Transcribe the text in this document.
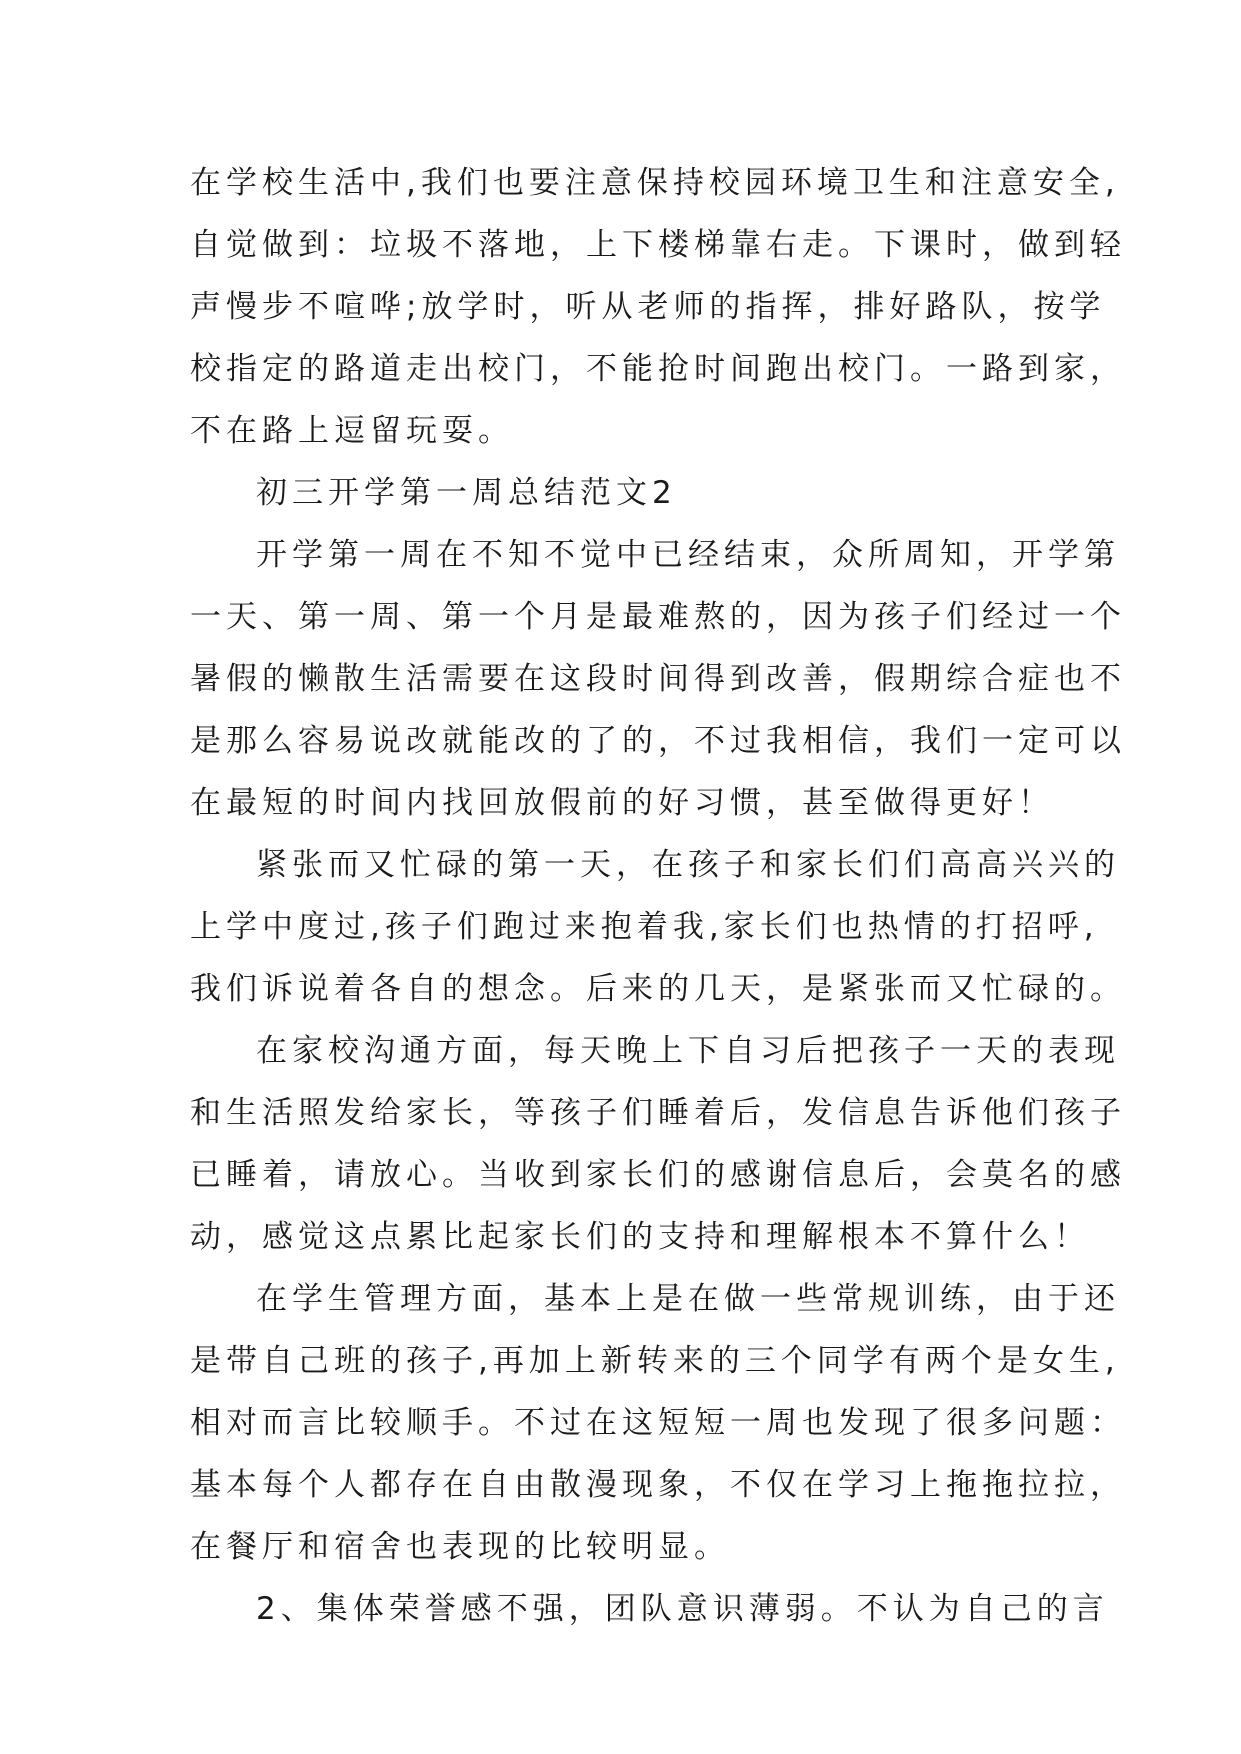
在学校生活中,我们也要注意保持校园环境卫生和注意安全,
自觉做到：垃圾不落地，上下楼梯靠右走。下课时，做到轻
声慢步不喧哗;放学时，听从老师的指挥，排好路队，按学
校指定的路道走出校门，不能抢时间跑出校门。一路到家，
不在路上逗留玩耍。
初三开学第一周总结范文2
开学第一周在不知不觉中已经结束，众所周知，开学第
一天、第一周、第一个月是最难熬的，因为孩子们经过一个
暑假的懒散生活需要在这段时间得到改善，假期综合症也不
是那么容易说改就能改的了的，不过我相信，我们一定可以
在最短的时间内找回放假前的好习惯，甚至做得更好！
紧张而又忙碌的第一天，在孩子和家长们们高高兴兴的
上学中度过,孩子们跑过来抱着我,家长们也热情的打招呼,
我们诉说着各自的想念。后来的几天，是紧张而又忙碌的。
在家校沟通方面，每天晚上下自习后把孩子一天的表现
和生活照发给家长，等孩子们睡着后，发信息告诉他们孩子
已睡着，请放心。当收到家长们的感谢信息后，会莫名的感
动，感觉这点累比起家长们的支持和理解根本不算什么！
在学生管理方面，基本上是在做一些常规训练，由于还
是带自己班的孩子,再加上新转来的三个同学有两个是女生,
相对而言比较顺手。不过在这短短一周也发现了很多问题：
基本每个人都存在自由散漫现象，不仅在学习上拖拖拉拉，
在餐厅和宿舍也表现的比较明显。
2、集体荣誉感不强，团队意识薄弱。不认为自己的言
